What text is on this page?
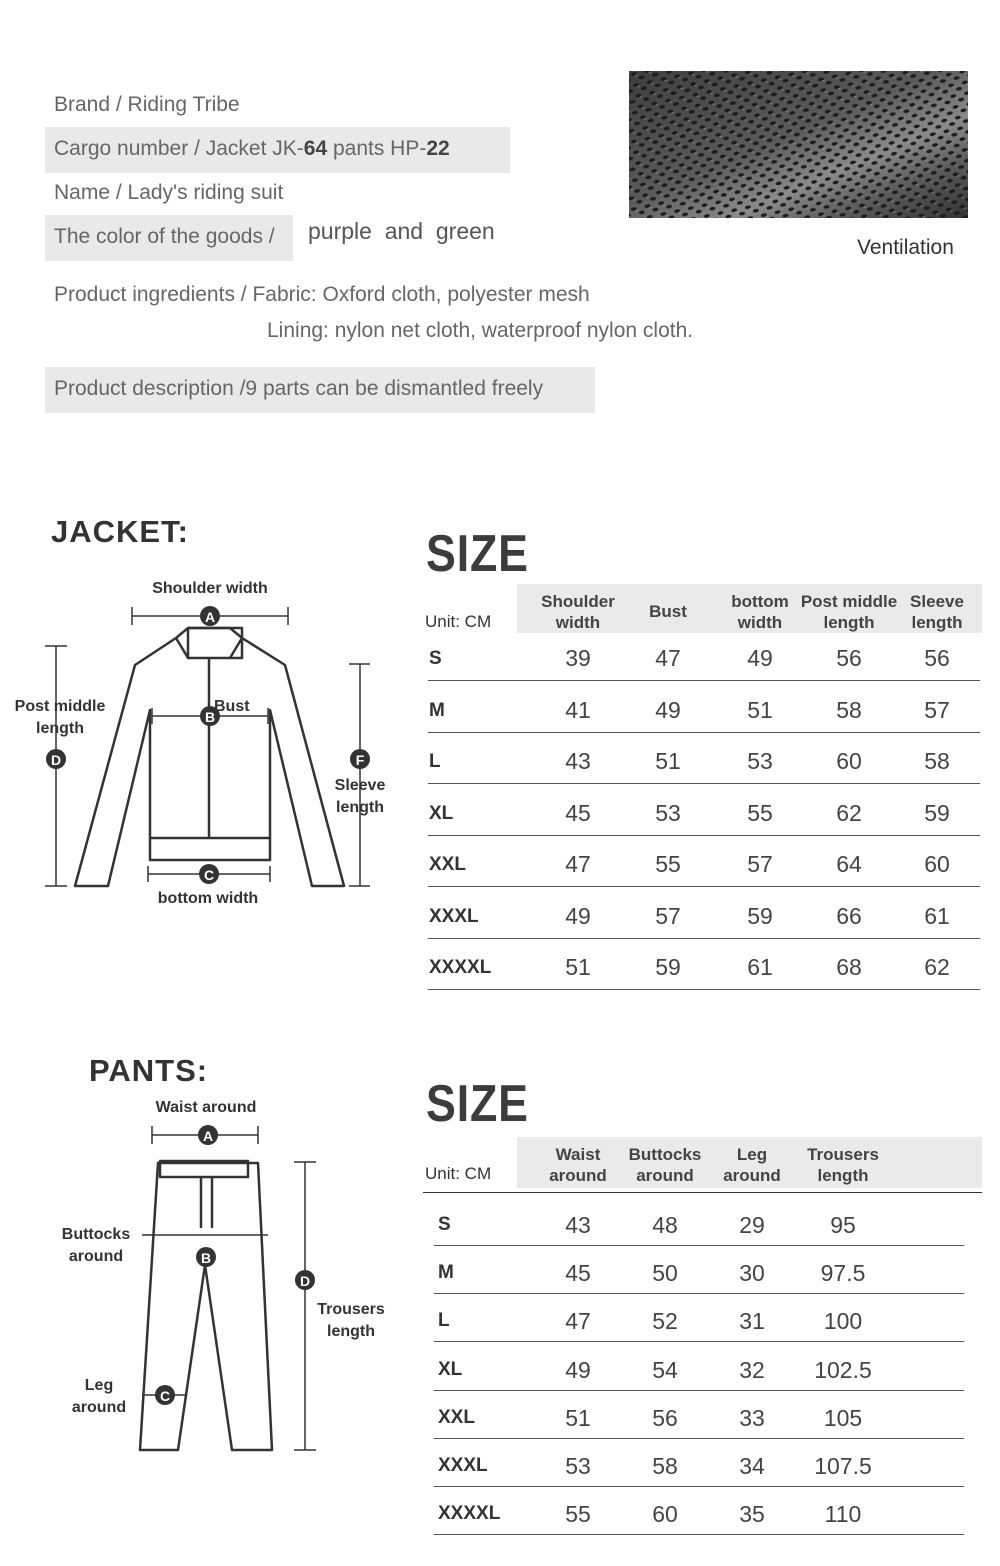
Brand / Riding Tribe
Cargo number / Jacket JK-64 pants HP-22
Name / Lady's riding suit
The color of the goods /	purple  and  green
Product ingredients / Fabric: Oxford cloth, polyester mesh
Lining: nylon net cloth, waterproof nylon cloth.
Product description /9 parts can be dismantled freely
Ventilation
JACKET:
A
B
C
D	F
Shoulder width
Bust
Post middle
length
Sleeve
length
bottom width
SIZE
Unit: CM
Shoulder
width
Bust
bottom
width
Post middle
length
Sleeve
length
S	39	47	49	56	56
M	41	49	51	58	57
L	43	51	53	60	58
XL	45	53	55	62	59
XXL	47	55	57	64	60
XXXL	49	57	59	66	61
XXXXL	51	59	61	68	62
PANTS:
A
B
C
D
Waist around
Buttocks
around
Trousers
length
Leg
around
SIZE
Unit: CM
Waist
around
Buttocks
around
Leg
around
Trousers
length
S	43	48	29	95
M	45	50	30	97.5
L	47	52	31	100
XL	49	54	32	102.5
XXL	51	56	33	105
XXXL	53	58	34	107.5
XXXXL	55	60	35	110
